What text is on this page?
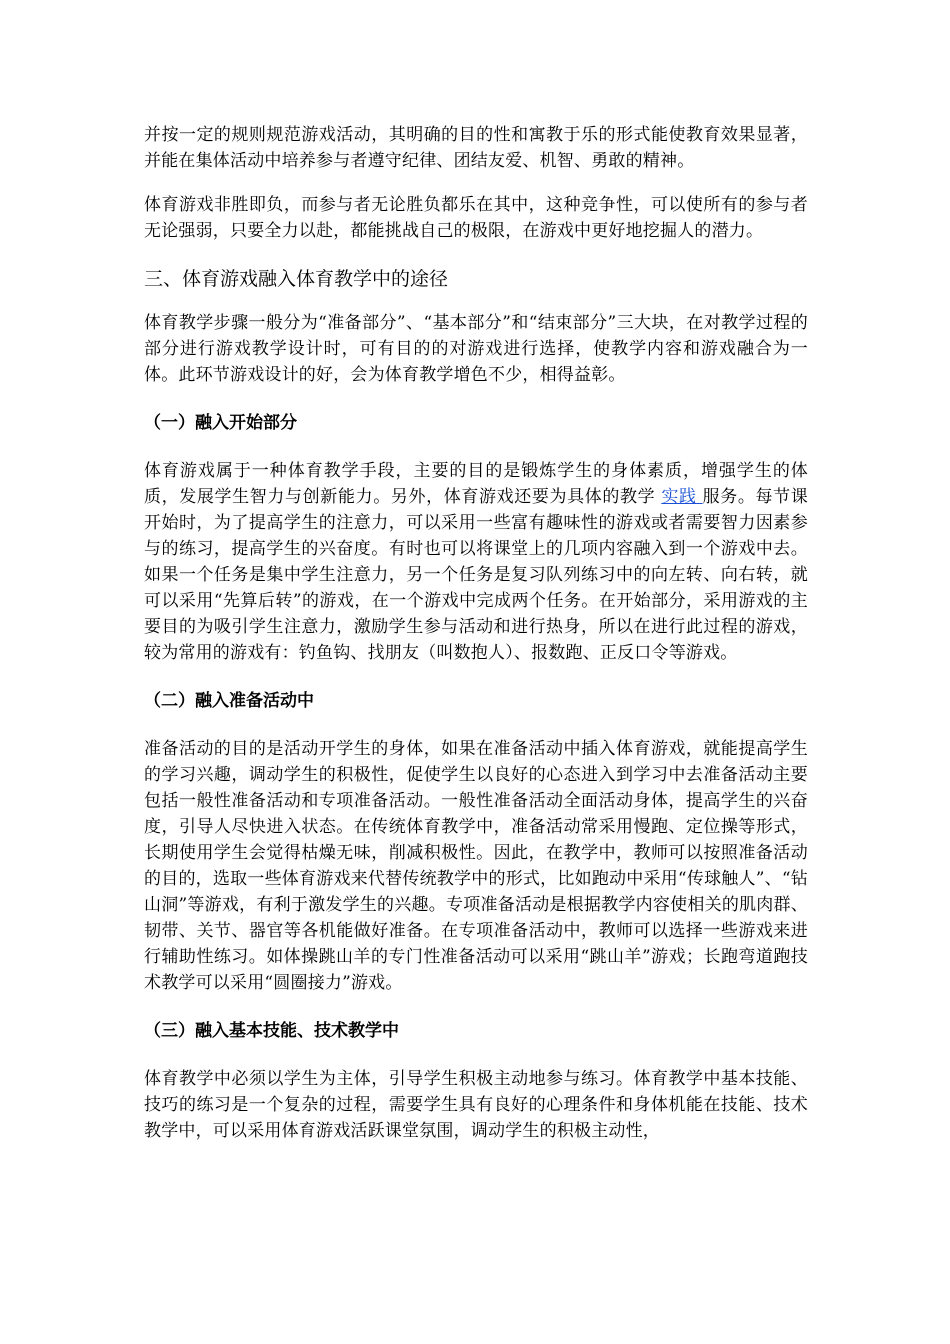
并按一定的规则规范游戏活动，其明确的目的性和寓教于乐的形式能使教育效果显著，并能在集体活动中培养参与者遵守纪律、团结友爱、机智、勇敢的精神。

体育游戏非胜即负，而参与者无论胜负都乐在其中，这种竞争性，可以使所有的参与者无论强弱，只要全力以赴，都能挑战自己的极限，在游戏中更好地挖掘人的潜力。

三、体育游戏融入体育教学中的途径

体育教学步骤一般分为“准备部分”、“基本部分”和“结束部分”三大块，在对教学过程的部分进行游戏教学设计时，可有目的的对游戏进行选择，使教学内容和游戏融合为一体。此环节游戏设计的好，会为体育教学增色不少，相得益彰。

（一）融入开始部分

体育游戏属于一种体育教学手段，主要的目的是锻炼学生的身体素质，增强学生的体质，发展学生智力与创新能力。另外，体育游戏还要为具体的教学 实践 服务。每节课开始时，为了提高学生的注意力，可以采用一些富有趣味性的游戏或者需要智力因素参与的练习，提高学生的兴奋度。有时也可以将课堂上的几项内容融入到一个游戏中去。如果一个任务是集中学生注意力，另一个任务是复习队列练习中的向左转、向右转，就可以采用“先算后转”的游戏，在一个游戏中完成两个任务。在开始部分，采用游戏的主要目的为吸引学生注意力，激励学生参与活动和进行热身，所以在进行此过程的游戏，较为常用的游戏有：钓鱼钩、找朋友（叫数抱人）、报数跑、正反口令等游戏。

（二）融入准备活动中

准备活动的目的是活动开学生的身体，如果在准备活动中插入体育游戏，就能提高学生的学习兴趣，调动学生的积极性，促使学生以良好的心态进入到学习中去准备活动主要包括一般性准备活动和专项准备活动。一般性准备活动全面活动身体，提高学生的兴奋度，引导人尽快进入状态。在传统体育教学中，准备活动常采用慢跑、定位操等形式，长期使用学生会觉得枯燥无味，削减积极性。因此，在教学中，教师可以按照准备活动的目的，选取一些体育游戏来代替传统教学中的形式，比如跑动中采用“传球触人”、“钻山洞”等游戏，有利于激发学生的兴趣。专项准备活动是根据教学内容使相关的肌肉群、韧带、关节、器官等各机能做好准备。在专项准备活动中，教师可以选择一些游戏来进行辅助性练习。如体操跳山羊的专门性准备活动可以采用“跳山羊”游戏；长跑弯道跑技术教学可以采用“圆圈接力”游戏。

（三）融入基本技能、技术教学中

体育教学中必须以学生为主体，引导学生积极主动地参与练习。体育教学中基本技能、技巧的练习是一个复杂的过程，需要学生具有良好的心理条件和身体机能在技能、技术教学中，可以采用体育游戏活跃课堂氛围，调动学生的积极主动性，
